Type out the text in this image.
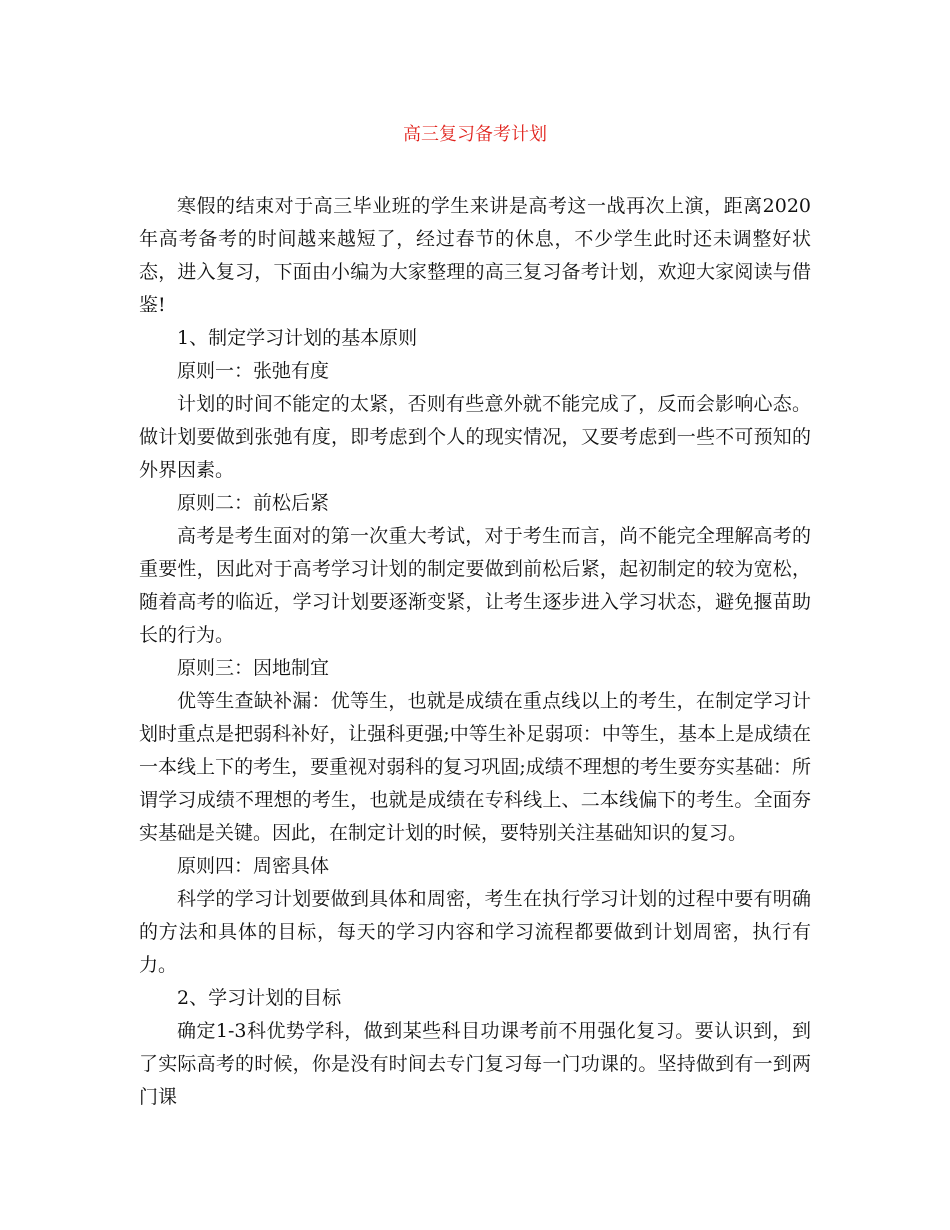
高三复习备考计划

寒假的结束对于高三毕业班的学生来讲是高考这一战再次上演，距离2020年高考备考的时间越来越短了，经过春节的休息，不少学生此时还未调整好状态，进入复习，下面由小编为大家整理的高三复习备考计划，欢迎大家阅读与借鉴!

1、制定学习计划的基本原则

原则一：张弛有度

计划的时间不能定的太紧，否则有些意外就不能完成了，反而会影响心态。做计划要做到张弛有度，即考虑到个人的现实情况，又要考虑到一些不可预知的外界因素。

原则二：前松后紧

高考是考生面对的第一次重大考试，对于考生而言，尚不能完全理解高考的重要性，因此对于高考学习计划的制定要做到前松后紧，起初制定的较为宽松，随着高考的临近，学习计划要逐渐变紧，让考生逐步进入学习状态，避免揠苗助长的行为。

原则三：因地制宜

优等生查缺补漏：优等生，也就是成绩在重点线以上的考生，在制定学习计划时重点是把弱科补好，让强科更强;中等生补足弱项：中等生，基本上是成绩在一本线上下的考生，要重视对弱科的复习巩固;成绩不理想的考生要夯实基础：所谓学习成绩不理想的考生，也就是成绩在专科线上、二本线偏下的考生。全面夯实基础是关键。因此，在制定计划的时候，要特别关注基础知识的复习。

原则四：周密具体

科学的学习计划要做到具体和周密，考生在执行学习计划的过程中要有明确的方法和具体的目标，每天的学习内容和学习流程都要做到计划周密，执行有力。

2、学习计划的目标

确定1-3科优势学科，做到某些科目功课考前不用强化复习。要认识到，到了实际高考的时候，你是没有时间去专门复习每一门功课的。坚持做到有一到两门课
